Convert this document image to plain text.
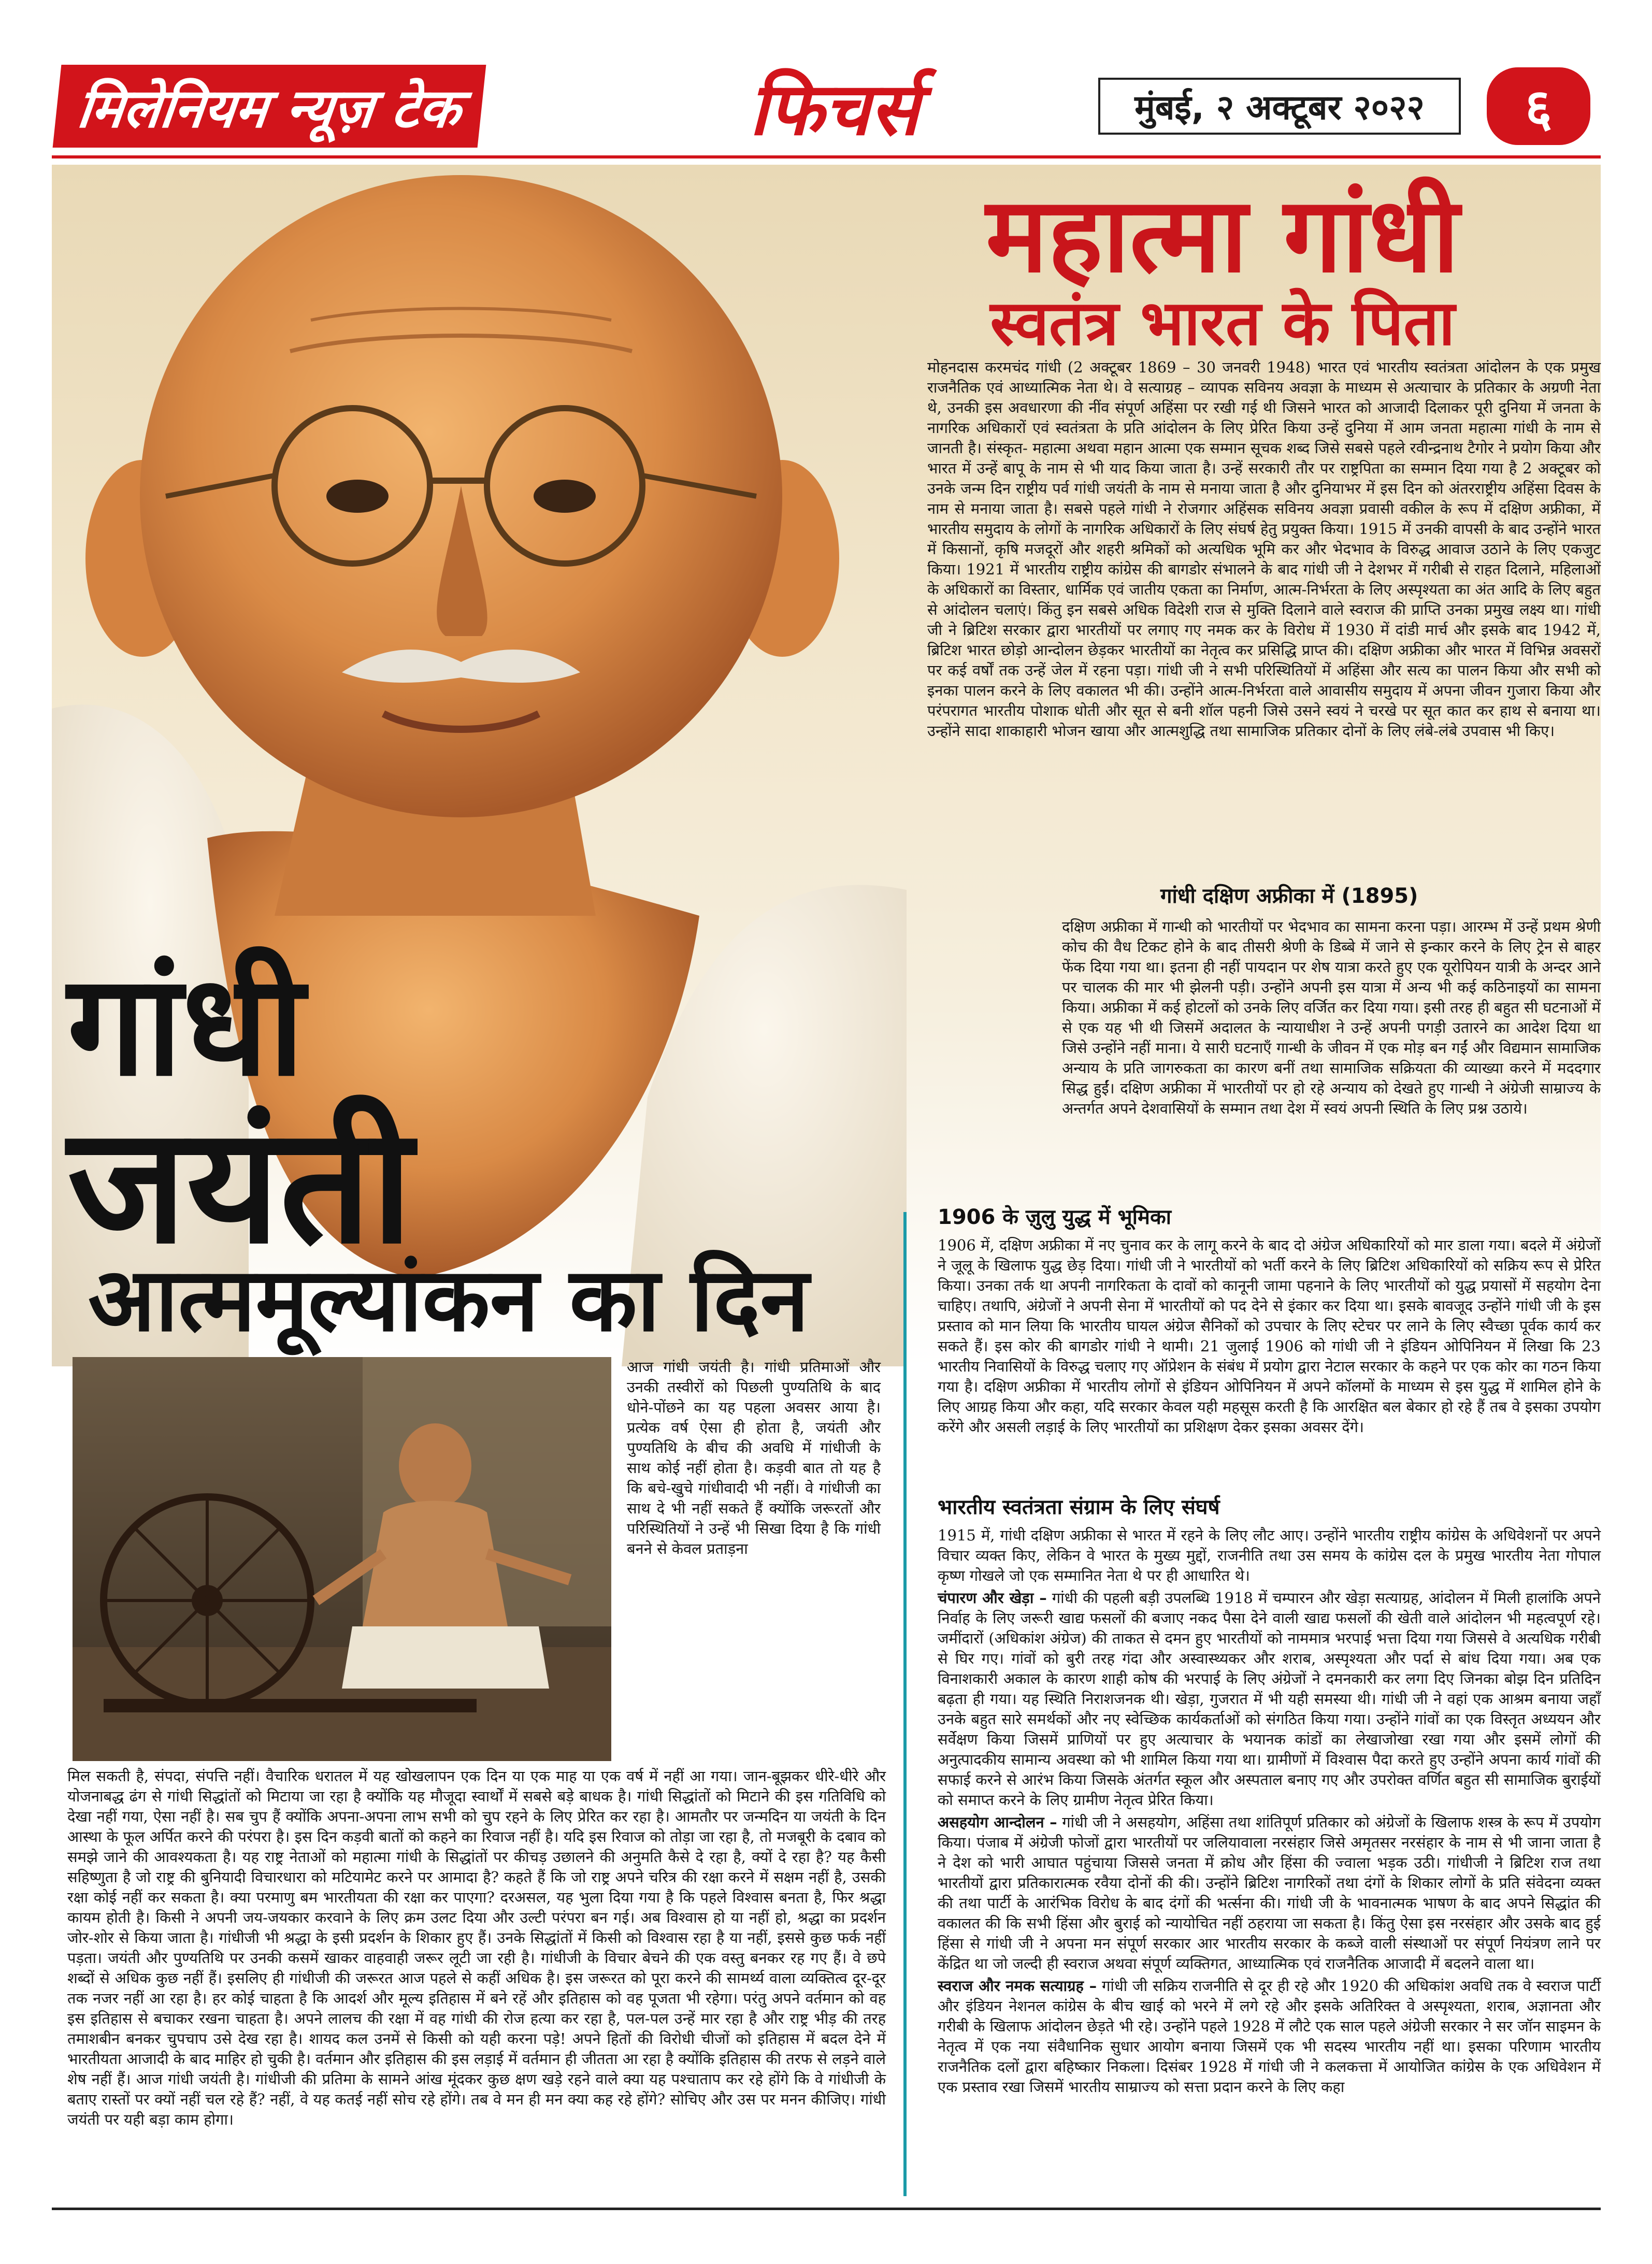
मिलेनियम न्यूज़ टेक	फिचर्स	मुंबई, २ अक्टूबर २०२२	६
महात्मा गांधी
स्वतंत्र भारत के पिता

मोहनदास करमचंद गांधी (2 अक्टूबर 1869 – 30 जनवरी 1948) भारत एवं भारतीय स्वतंत्रता आंदोलन के एक प्रमुख राजनैतिक एवं आध्यात्मिक नेता थे। वे सत्याग्रह – व्यापक सविनय अवज्ञा के माध्यम से अत्याचार के प्रतिकार के अग्रणी नेता थे, उनकी इस अवधारणा की नींव संपूर्ण अहिंसा पर रखी गई थी जिसने भारत को आजादी दिलाकर पूरी दुनिया में जनता के नागरिक अधिकारों एवं स्वतंत्रता के प्रति आंदोलन के लिए प्रेरित किया उन्हें दुनिया में आम जनता महात्मा गांधी के नाम से जानती है। संस्कृत- महात्मा अथवा महान आत्मा एक सम्मान सूचक शब्द जिसे सबसे पहले रवीन्द्रनाथ टैगोर ने प्रयोग किया और भारत में उन्हें बापू के नाम से भी याद किया जाता है। उन्हें सरकारी तौर पर राष्ट्रपिता का सम्मान दिया गया है 2 अक्टूबर को उनके जन्म दिन राष्ट्रीय पर्व गांधी जयंती के नाम से मनाया जाता है और दुनियाभर में इस दिन को अंतरराष्ट्रीय अहिंसा दिवस के नाम से मनाया जाता है। सबसे पहले गांधी ने रोजगार अहिंसक सविनय अवज्ञा प्रवासी वकील के रूप में दक्षिण अफ्रीका, में भारतीय समुदाय के लोगों के नागरिक अधिकारों के लिए संघर्ष हेतु प्रयुक्त किया। 1915 में उनकी वापसी के बाद उन्होंने भारत में किसानों, कृषि मजदूरों और शहरी श्रमिकों को अत्यधिक भूमि कर और भेदभाव के विरुद्ध आवाज उठाने के लिए एकजुट किया। 1921 में भारतीय राष्ट्रीय कांग्रेस की बागडोर संभालने के बाद गांधी जी ने देशभर में गरीबी से राहत दिलाने, महिलाओं के अधिकारों का विस्तार, धार्मिक एवं जातीय एकता का निर्माण, आत्म-निर्भरता के लिए अस्पृश्यता का अंत आदि के लिए बहुत से आंदोलन चलाएं। किंतु इन सबसे अधिक विदेशी राज से मुक्ति दिलाने वाले स्वराज की प्राप्ति उनका प्रमुख लक्ष्य था। गांधी जी ने ब्रिटिश सरकार द्वारा भारतीयों पर लगाए गए नमक कर के विरोध में 1930 में दांडी मार्च और इसके बाद 1942 में, ब्रिटिश भारत छोड़ो आन्दोलन छेड़कर भारतीयों का नेतृत्व कर प्रसिद्धि प्राप्त की। दक्षिण अफ्रीका और भारत में विभिन्न अवसरों पर कई वर्षों तक उन्हें जेल में रहना पड़ा। गांधी जी ने सभी परिस्थितियों में अहिंसा और सत्य का पालन किया और सभी को इनका पालन करने के लिए वकालत भी की। उन्होंने आत्म-निर्भरता वाले आवासीय समुदाय में अपना जीवन गुजारा किया और परंपरागत भारतीय पोशाक धोती और सूत से बनी शॉल पहनी जिसे उसने स्वयं ने चरखे पर सूत कात कर हाथ से बनाया था। उन्होंने सादा शाकाहारी भोजन खाया और आत्मशुद्धि तथा सामाजिक प्रतिकार दोनों के लिए लंबे-लंबे उपवास भी किए।

गांधी दक्षिण अफ्रीका में (1895)

दक्षिण अफ्रीका में गान्धी को भारतीयों पर भेदभाव का सामना करना पड़ा। आरम्भ में उन्हें प्रथम श्रेणी कोच की वैध टिकट होने के बाद तीसरी श्रेणी के डिब्बे में जाने से इन्कार करने के लिए ट्रेन से बाहर फेंक दिया गया था। इतना ही नहीं पायदान पर शेष यात्रा करते हुए एक यूरोपियन यात्री के अन्दर आने पर चालक की मार भी झेलनी पड़ी। उन्होंने अपनी इस यात्रा में अन्य भी कई कठिनाइयों का सामना किया। अफ्रीका में कई होटलों को उनके लिए वर्जित कर दिया गया। इसी तरह ही बहुत सी घटनाओं में से एक यह भी थी जिसमें अदालत के न्यायाधीश ने उन्हें अपनी पगड़ी उतारने का आदेश दिया था जिसे उन्होंने नहीं माना। ये सारी घटनाएँ गान्धी के जीवन में एक मोड़ बन गईं और विद्यमान सामाजिक अन्याय के प्रति जागरुकता का कारण बनीं तथा सामाजिक सक्रियता की व्याख्या करने में मददगार सिद्ध हुईं। दक्षिण अफ्रीका में भारतीयों पर हो रहे अन्याय को देखते हुए गान्धी ने अंग्रेजी साम्राज्य के अन्तर्गत अपने देशवासियों के सम्मान तथा देश में स्वयं अपनी स्थिति के लिए प्रश्न उठाये।

गांधी
जयंती
आत्ममूल्यांकन का दिन
1906 के ज़ुलु युद्ध में भूमिका

1906 में, दक्षिण अफ्रीका में नए चुनाव कर के लागू करने के बाद दो अंग्रेज अधिकारियों को मार डाला गया। बदले में अंग्रेजों ने जूलू के खिलाफ युद्ध छेड़ दिया। गांधी जी ने भारतीयों को भर्ती करने के लिए ब्रिटिश अधिकारियों को सक्रिय रूप से प्रेरित किया। उनका तर्क था अपनी नागरिकता के दावों को कानूनी जामा पहनाने के लिए भारतीयों को युद्ध प्रयासों में सहयोग देना चाहिए। तथापि, अंग्रेजों ने अपनी सेना में भारतीयों को पद देने से इंकार कर दिया था। इसके बावजूद उन्होंने गांधी जी के इस प्रस्ताव को मान लिया कि भारतीय घायल अंग्रेज सैनिकों को उपचार के लिए स्टेचर पर लाने के लिए स्वैच्छा पूर्वक कार्य कर सकते हैं। इस कोर की बागडोर गांधी ने थामी। 21 जुलाई 1906 को गांधी जी ने इंडियन ओपिनियन में लिखा कि 23 भारतीय निवासियों के विरुद्ध चलाए गए ऑप्रेशन के संबंध में प्रयोग द्वारा नेटाल सरकार के कहने पर एक कोर का गठन किया गया है। दक्षिण अफ्रीका में भारतीय लोगों से इंडियन ओपिनियन में अपने कॉलमों के माध्यम से इस युद्ध में शामिल होने के लिए आग्रह किया और कहा, यदि सरकार केवल यही महसूस करती है कि आरक्षित बल बेकार हो रहे हैं तब वे इसका उपयोग करेंगे और असली लड़ाई के लिए भारतीयों का प्रशिक्षण देकर इसका अवसर देंगे।

भारतीय स्वतंत्रता संग्राम के लिए संघर्ष

1915 में, गांधी दक्षिण अफ्रीका से भारत में रहने के लिए लौट आए। उन्होंने भारतीय राष्ट्रीय कांग्रेस के अधिवेशनों पर अपने विचार व्यक्त किए, लेकिन वे भारत के मुख्य मुद्दों, राजनीति तथा उस समय के कांग्रेस दल के प्रमुख भारतीय नेता गोपाल कृष्ण गोखले जो एक सम्मानित नेता थे पर ही आधारित थे।

चंपारण और खेड़ा – गांधी की पहली बड़ी उपलब्धि 1918 में चम्पारन और खेड़ा सत्याग्रह, आंदोलन में मिली हालांकि अपने निर्वाह के लिए जरूरी खाद्य फसलों की बजाए नकद पैसा देने वाली खाद्य फसलों की खेती वाले आंदोलन भी महत्वपूर्ण रहे। जमींदारों (अधिकांश अंग्रेज) की ताकत से दमन हुए भारतीयों को नाममात्र भरपाई भत्ता दिया गया जिससे वे अत्यधिक गरीबी से घिर गए। गांवों को बुरी तरह गंदा और अस्वास्थ्यकर और शराब, अस्पृश्यता और पर्दा से बांध दिया गया। अब एक विनाशकारी अकाल के कारण शाही कोष की भरपाई के लिए अंग्रेजों ने दमनकारी कर लगा दिए जिनका बोझ दिन प्रतिदिन बढ़ता ही गया। यह स्थिति निराशजनक थी। खेड़ा, गुजरात में भी यही समस्या थी। गांधी जी ने वहां एक आश्रम बनाया जहाँ उनके बहुत सारे समर्थकों और नए स्वेच्छिक कार्यकर्ताओं को संगठित किया गया। उन्होंने गांवों का एक विस्तृत अध्ययन और सर्वेक्षण किया जिसमें प्राणियों पर हुए अत्याचार के भयानक कांडों का लेखाजोखा रखा गया और इसमें लोगों की अनुत्पादकीय सामान्य अवस्था को भी शामिल किया गया था। ग्रामीणों में विश्वास पैदा करते हुए उन्होंने अपना कार्य गांवों की सफाई करने से आरंभ किया जिसके अंतर्गत स्कूल और अस्पताल बनाए गए और उपरोक्त वर्णित बहुत सी सामाजिक बुराईयों को समाप्त करने के लिए ग्रामीण नेतृत्व प्रेरित किया।

असहयोग आन्दोलन – गांधी जी ने असहयोग, अहिंसा तथा शांतिपूर्ण प्रतिकार को अंग्रेजों के खिलाफ शस्त्र के रूप में उपयोग किया। पंजाब में अंग्रेजी फोजों द्वारा भारतीयों पर जलियावाला नरसंहार जिसे अमृतसर नरसंहार के नाम से भी जाना जाता है ने देश को भारी आघात पहुंचाया जिससे जनता में क्रोध और हिंसा की ज्वाला भड़क उठी। गांधीजी ने ब्रिटिश राज तथा भारतीयों द्वारा प्रतिकारात्मक रवैया दोनों की की। उन्होंने ब्रिटिश नागरिकों तथा दंगों के शिकार लोगों के प्रति संवेदना व्यक्त की तथा पार्टी के आरंभिक विरोध के बाद दंगों की भर्त्सना की। गांधी जी के भावनात्मक भाषण के बाद अपने सिद्धांत की वकालत की कि सभी हिंसा और बुराई को न्यायोचित नहीं ठहराया जा सकता है। किंतु ऐसा इस नरसंहार और उसके बाद हुई हिंसा से गांधी जी ने अपना मन संपूर्ण सरकार आर भारतीय सरकार के कब्जे वाली संस्थाओं पर संपूर्ण नियंत्रण लाने पर केंद्रित था जो जल्दी ही स्वराज अथवा संपूर्ण व्यक्तिगत, आध्यात्मिक एवं राजनैतिक आजादी में बदलने वाला था।

स्वराज और नमक सत्याग्रह – गांधी जी सक्रिय राजनीति से दूर ही रहे और 1920 की अधिकांश अवधि तक वे स्वराज पार्टी और इंडियन नेशनल कांग्रेस के बीच खाई को भरने में लगे रहे और इसके अतिरिक्त वे अस्पृश्यता, शराब, अज्ञानता और गरीबी के खिलाफ आंदोलन छेड़ते भी रहे। उन्होंने पहले 1928 में लौटे एक साल पहले अंग्रेजी सरकार ने सर जॉन साइमन के नेतृत्व में एक नया संवैधानिक सुधार आयोग बनाया जिसमें एक भी सदस्य भारतीय नहीं था। इसका परिणाम भारतीय राजनैतिक दलों द्वारा बहिष्कार निकला। दिसंबर 1928 में गांधी जी ने कलकत्ता में आयोजित कांग्रेस के एक अधिवेशन में एक प्रस्ताव रखा जिसमें भारतीय साम्राज्य को सत्ता प्रदान करने के लिए कहा

आज गांधी जयंती है। गांधी प्रतिमाओं और उनकी तस्वीरों को पिछली पुण्यतिथि के बाद धोने-पोंछने का यह पहला अवसर आया है। प्रत्येक वर्ष ऐसा ही होता है, जयंती और पुण्यतिथि के बीच की अवधि में गांधीजी के साथ कोई नहीं होता है। कड़वी बात तो यह है कि बचे-खुचे गांधीवादी भी नहीं। वे गांधीजी का साथ दे भी नहीं सकते हैं क्योंकि जरूरतों और परिस्थितियों ने उन्हें भी सिखा दिया है कि गांधी बनने से केवल प्रताड़ना

मिल सकती है, संपदा, संपत्ति नहीं। वैचारिक धरातल में यह खोखलापन एक दिन या एक माह या एक वर्ष में नहीं आ गया। जान-बूझकर धीरे-धीरे और योजनाबद्ध ढंग से गांधी सिद्धांतों को मिटाया जा रहा है क्योंकि यह मौजूदा स्वार्थों में सबसे बड़े बाधक है। गांधी सिद्धांतों को मिटाने की इस गतिविधि को देखा नहीं गया, ऐसा नहीं है। सब चुप हैं क्योंकि अपना-अपना लाभ सभी को चुप रहने के लिए प्रेरित कर रहा है। आमतौर पर जन्मदिन या जयंती के दिन आस्था के फूल अर्पित करने की परंपरा है। इस दिन कड़वी बातों को कहने का रिवाज नहीं है। यदि इस रिवाज को तोड़ा जा रहा है, तो मजबूरी के दबाव को समझे जाने की आवश्यकता है। यह राष्ट्र नेताओं को महात्मा गांधी के सिद्धांतों पर कीचड़ उछालने की अनुमति कैसे दे रहा है, क्यों दे रहा है? यह कैसी सहिष्णुता है जो राष्ट्र की बुनियादी विचारधारा को मटियामेट करने पर आमादा है? कहते हैं कि जो राष्ट्र अपने चरित्र की रक्षा करने में सक्षम नहीं है, उसकी रक्षा कोई नहीं कर सकता है। क्या परमाणु बम भारतीयता की रक्षा कर पाएगा? दरअसल, यह भुला दिया गया है कि पहले विश्वास बनता है, फिर श्रद्धा कायम होती है। किसी ने अपनी जय-जयकार करवाने के लिए क्रम उलट दिया और उल्टी परंपरा बन गई। अब विश्वास हो या नहीं हो, श्रद्धा का प्रदर्शन जोर-शोर से किया जाता है। गांधीजी भी श्रद्धा के इसी प्रदर्शन के शिकार हुए हैं। उनके सिद्धांतों में किसी को विश्वास रहा है या नहीं, इससे कुछ फर्क नहीं पड़ता। जयंती और पुण्यतिथि पर उनकी कसमें खाकर वाहवाही जरूर लूटी जा रही है। गांधीजी के विचार बेचने की एक वस्तु बनकर रह गए हैं। वे छपे शब्दों से अधिक कुछ नहीं हैं। इसलिए ही गांधीजी की जरूरत आज पहले से कहीं अधिक है। इस जरूरत को पूरा करने की सामर्थ्य वाला व्यक्तित्व दूर-दूर तक नजर नहीं आ रहा है। हर कोई चाहता है कि आदर्श और मूल्य इतिहास में बने रहें और इतिहास को वह पूजता भी रहेगा। परंतु अपने वर्तमान को वह इस इतिहास से बचाकर रखना चाहता है। अपने लालच की रक्षा में वह गांधी की रोज हत्या कर रहा है, पल-पल उन्हें मार रहा है और राष्ट्र भीड़ की तरह तमाशबीन बनकर चुपचाप उसे देख रहा है। शायद कल उनमें से किसी को यही करना पड़े! अपने हितों की विरोधी चीजों को इतिहास में बदल देने में भारतीयता आजादी के बाद माहिर हो चुकी है। वर्तमान और इतिहास की इस लड़ाई में वर्तमान ही जीतता आ रहा है क्योंकि इतिहास की तरफ से लड़ने वाले शेष नहीं हैं। आज गांधी जयंती है। गांधीजी की प्रतिमा के सामने आंख मूंदकर कुछ क्षण खड़े रहने वाले क्या यह पश्चाताप कर रहे होंगे कि वे गांधीजी के बताए रास्तों पर क्यों नहीं चल रहे हैं? नहीं, वे यह कतई नहीं सोच रहे होंगे। तब वे मन ही मन क्या कह रहे होंगे? सोचिए और उस पर मनन कीजिए। गांधी जयंती पर यही बड़ा काम होगा।
